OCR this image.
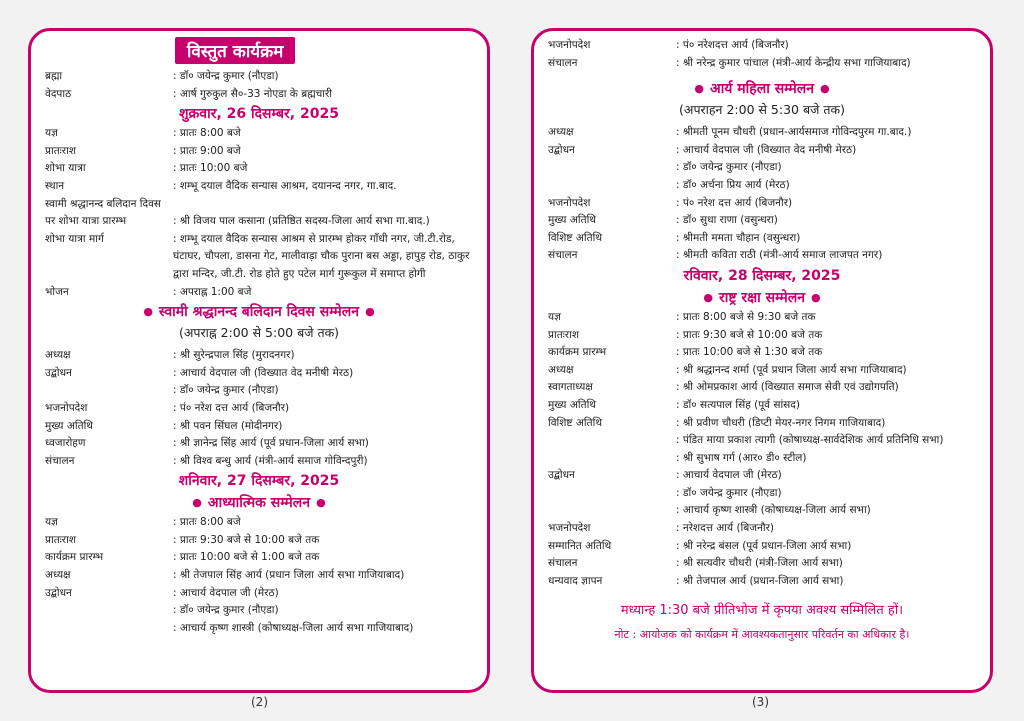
विस्तुत कार्यक्रम
ब्रह्मा	: डॉ० जयेन्द्र कुमार (नौएडा)
वेदपाठ	: आर्ष गुरुकुल सै०-33 नोएडा के ब्रह्मचारी
शुक्रवार, 26 दिसम्बर, 2025
यज्ञ	: प्रातः 8:00 बजे
प्रातःराश	: प्रातः 9:00 बजे
शोभा यात्रा	: प्रातः 10:00 बजे
स्थान	: शम्भू दयाल वैदिक सन्यास आश्रम, दयानन्द नगर, गा.बाद.
स्वामी श्रद्धानन्द बलिदान दिवस
पर शोभा यात्रा प्रारम्भ	: श्री विजय पाल कसाना (प्रतिष्ठित सदस्य-जिला आर्य सभा गा.बाद.)
शोभा यात्रा मार्ग	: शम्भू दयाल वैदिक सन्यास आश्रम से प्रारम्भ होकर गाँधी नगर, जी.टी.रोड, घंटाघर, चौपला, डासना गेट, मालीवाड़ा चौक पुराना बस अड्डा, हापुड़ रोड, ठाकुर द्वारा मन्दिर, जी.टी. रोड होते हुए पटेल मार्ग गुरूकुल में समाप्त होगी
भोजन	: अपराह्न 1:00 बजे
● स्वामी श्रद्धानन्द बलिदान दिवस सम्मेलन ●
(अपराह्न 2:00 से 5:00 बजे तक)
अध्यक्ष	: श्री सुरेन्द्रपाल सिंह (मुरादनगर)
उद्बोधन	: आचार्य वेदपाल जी (विख्यात वेद मनीषी मेरठ)
: डॉ० जयेन्द्र कुमार (नौएडा)
भजनोपदेश	: पं० नरेश दत्त आर्य (बिजनौर)
मुख्य अतिथि	: श्री पवन सिंघल (मोदीनगर)
ध्वजारोहण	: श्री ज्ञानेन्द्र सिंह आर्य (पूर्व प्रधान-जिला आर्य सभा)
संचालन	: श्री विश्व बन्धु आर्य (मंत्री-आर्य समाज गोविन्दपुरी)
शनिवार, 27 दिसम्बर, 2025
● आध्यात्मिक सम्मेलन ●
यज्ञ	: प्रातः 8:00 बजे
प्रातःराश	: प्रातः 9:30 बजे से 10:00 बजे तक
कार्यक्रम प्रारम्भ	: प्रातः 10:00 बजे से 1:00 बजे तक
अध्यक्ष	: श्री तेजपाल सिंह आर्य (प्रधान जिला आर्य सभा गाजियाबाद)
उद्बोधन	: आचार्य वेदपाल जी (मेरठ)
: डॉ० जयेन्द्र कुमार (नौएडा)
: आचार्य कृष्ण शास्त्री (कोषाध्यक्ष-जिला आर्य सभा गाजियाबाद)
(2)
भजनोपदेश	: पं० नरेशदत्त आर्य (बिजनौर)
संचालन	: श्री नरेन्द्र कुमार पांचाल (मंत्री-आर्य केन्द्रीय सभा गाजियाबाद)
● आर्य महिला सम्मेलन ●
(अपराहन 2:00 से 5:30 बजे तक)
अध्यक्ष	: श्रीमती पूनम चौधरी (प्रधान-आर्यसमाज गोविन्दपुरम गा.बाद.)
उद्बोधन	: आचार्य वेदपाल जी (विख्यात वेद मनीषी मेरठ)
: डॉ० जयेन्द्र कुमार (नौएडा)
: डॉ० अर्चना प्रिय आर्य (मेरठ)
भजनोपदेश	: पं० नरेश दत्त आर्य (बिजनौर)
मुख्य अतिथि	: डॉ० सुधा राणा (वसुन्धरा)
विशिष्ट अतिथि	: श्रीमती ममता चौहान (वसुन्धरा)
संचालन	: श्रीमती कविता राठी (मंत्री-आर्य समाज लाजपत नगर)
रविवार, 28 दिसम्बर, 2025
● राष्ट्र रक्षा सम्मेलन ●
यज्ञ	: प्रातः 8:00 बजे से 9:30 बजे तक
प्रातःराश	: प्रातः 9:30 बजे से 10:00 बजे तक
कार्यक्रम प्रारम्भ	: प्रातः 10:00 बजे से 1:30 बजे तक
अध्यक्ष	: श्री श्रद्धानन्द शर्मा (पूर्व प्रधान जिला आर्य सभा गाजियाबाद)
स्वागताध्यक्ष	: श्री ओमप्रकाश आर्य (विख्यात समाज सेवी एवं उद्योगपति)
मुख्य अतिथि	: डॉ० सत्यपाल सिंह (पूर्व सांसद)
विशिष्ट अतिथि	: श्री प्रवीण चौधरी (डिप्टी मेयर-नगर निगम गाजियाबाद)
: पंडित माया प्रकाश त्यागी (कोषाध्यक्ष-सार्वदेशिक आर्य प्रतिनिधि सभा)
: श्री सुभाष गर्ग (आर० डी० स्टील)
उद्बोधन	: आचार्य वेदपाल जी (मेरठ)
: डॉ० जयेन्द्र कुमार (नौएडा)
: आचार्य कृष्ण शास्त्री (कोषाध्यक्ष-जिला आर्य सभा)
भजनोपदेश	: नरेशदत्त आर्य (बिजनौर)
सम्मानित अतिथि	: श्री नरेन्द्र बंसल (पूर्व प्रधान-जिला आर्य सभा)
संचालन	: श्री सत्यवीर चौधरी (मंत्री-जिला आर्य सभा)
धन्यवाद ज्ञापन	: श्री तेजपाल आर्य (प्रधान-जिला आर्य सभा)
मध्यान्ह 1:30 बजे प्रीतिभोज में कृपया अवश्य सम्मिलित हों।
नोट : आयोजक को कार्यक्रम में आवश्यकतानुसार परिवर्तन का अधिकार है।
(3)
